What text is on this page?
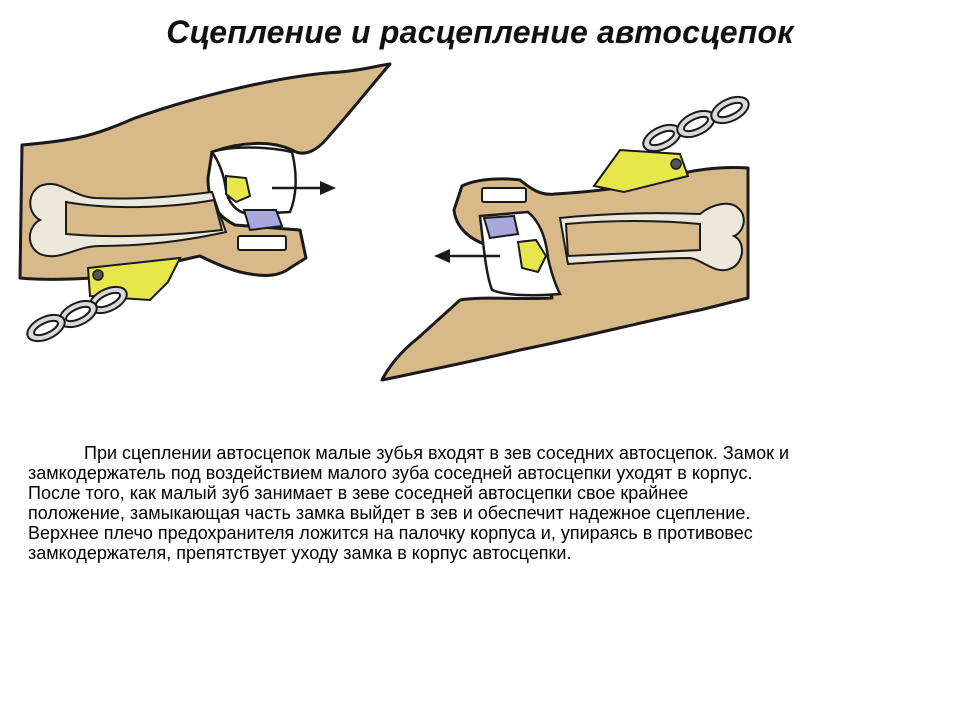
Сцепление и расцепление автосцепок

При сцеплении автосцепок малые зубья входят в зев соседних автосцепок. Замок и
замкодержатель под воздействием малого зуба соседней автосцепки уходят в корпус.
После того, как малый зуб занимает в зеве соседней автосцепки свое крайнее
положение, замыкающая часть замка выйдет в зев и обеспечит надежное сцепление.
Верхнее плечо предохранителя ложится на палочку корпуса и, упираясь в противовес
замкодержателя, препятствует уходу замка в корпус автосцепки.
